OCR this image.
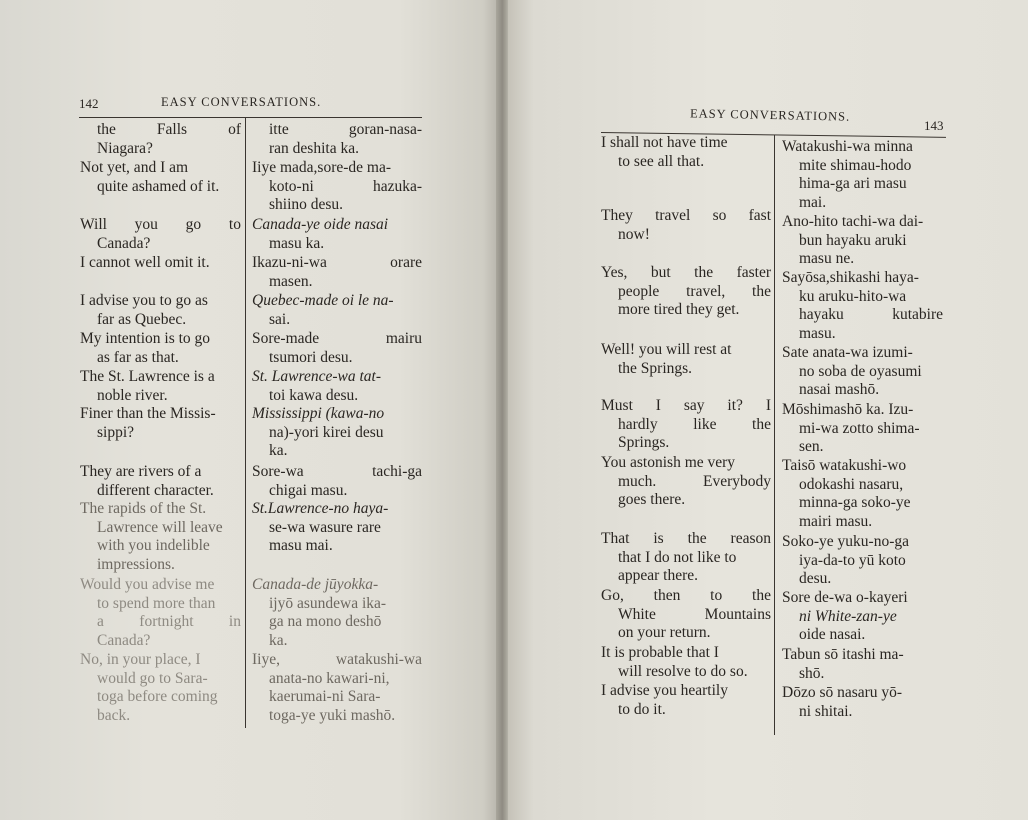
142	EASY CONVERSATIONS.
EASY CONVERSATIONS.
143
the Falls of
Niagara?
Not yet, and I am
quite ashamed of it.
Will you go to
Canada?
I cannot well omit it.
I advise you to go as
far as Quebec.
My intention is to go
as far as that.
The St. Lawrence is a
noble river.
Finer than the Missis-
sippi?
They are rivers of a
different character.
The rapids of the St.
Lawrence will leave
with you indelible
impressions.
Would you advise me
to spend more than
a fortnight in
Canada?
No, in your place, I
would go to Sara-
toga before coming
back.
itte goran-nasa-
ran deshita ka.
Iiye mada,sore-de ma-
koto-ni hazuka-
shiino desu.
Canada-ye oide nasai
masu ka.
Ikazu-ni-wa orare
masen.
Quebec-made oi le na-
sai.
Sore-made mairu
tsumori desu.
St. Lawrence-wa tat-
toi kawa desu.
Mississippi (kawa-no
na)-yori kirei desu
ka.
Sore-wa tachi-ga
chigai masu.
St.Lawrence-no haya-
se-wa wasure rare
masu mai.
Canada-de jūyokka-
ijyō asundewa ika-
ga na mono deshō
ka.
Iiye, watakushi-wa
anata-no kawari-ni,
kaerumai-ni Sara-
toga-ye yuki mashō.
I shall not have time
to see all that.
They travel so fast
now!
Yes, but the faster
people travel, the
more tired they get.
Well! you will rest at
the Springs.
Must I say it? I
hardly like the
Springs.
You astonish me very
much. Everybody
goes there.
That is the reason
that I do not like to
appear there.
Go, then to the
White Mountains
on your return.
It is probable that I
will resolve to do so.
I advise you heartily
to do it.
Watakushi-wa minna
mite shimau-hodo
hima-ga ari masu
mai.
Ano-hito tachi-wa dai-
bun hayaku aruki
masu ne.
Sayōsa,shikashi haya-
ku aruku-hito-wa
hayaku kutabire
masu.
Sate anata-wa izumi-
no soba de oyasumi
nasai mashō.
Mōshimashō ka. Izu-
mi-wa zotto shima-
sen.
Taisō watakushi-wo
odokashi nasaru,
minna-ga soko-ye
mairi masu.
Soko-ye yuku-no-ga
iya-da-to yū koto
desu.
Sore de-wa o-kayeri
ni White-zan-ye
oide nasai.
Tabun sō itashi ma-
shō.
Dōzo sō nasaru yō-
ni shitai.
